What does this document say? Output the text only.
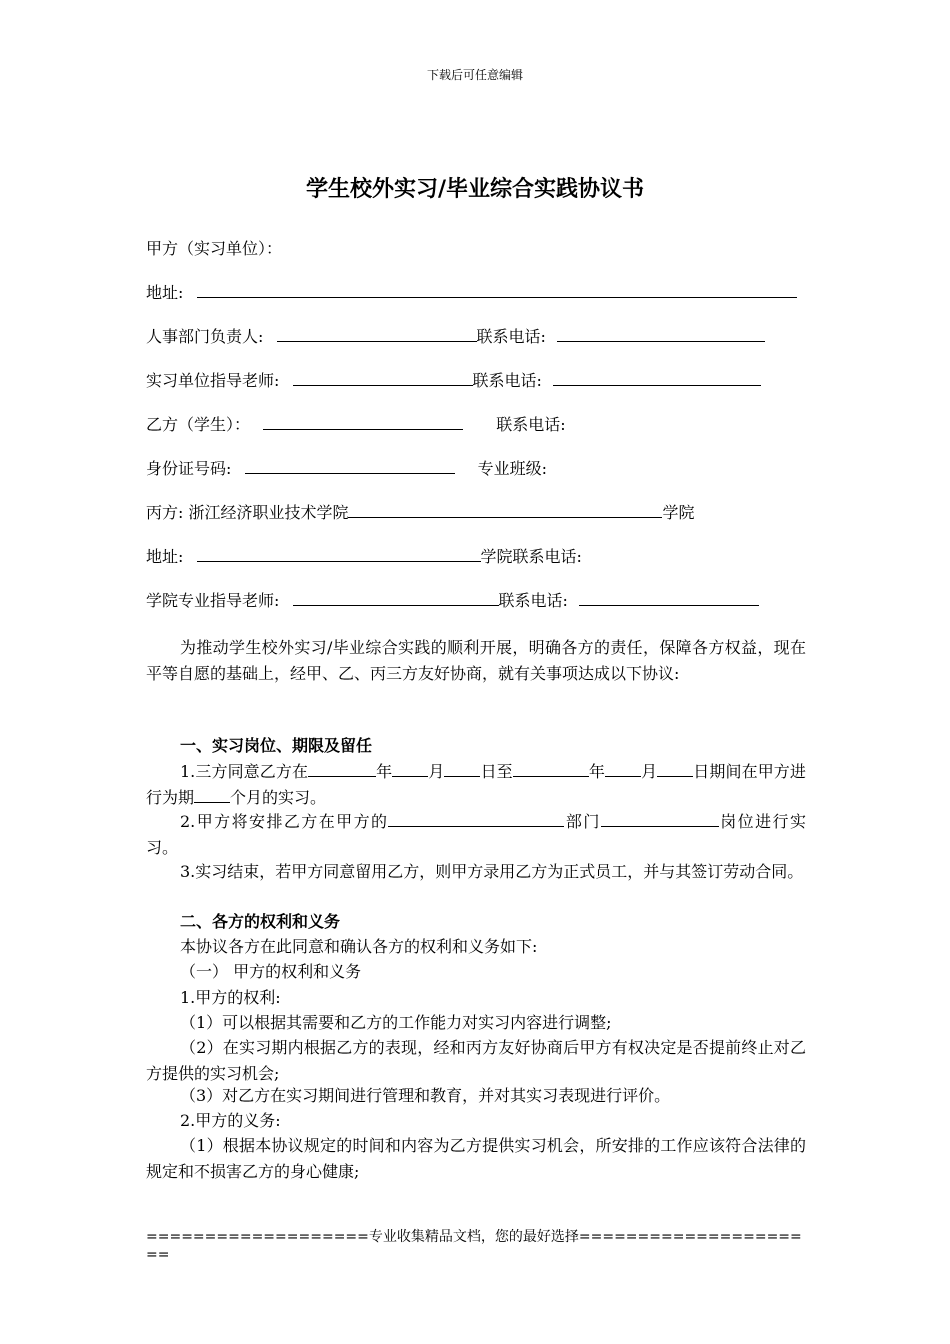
下载后可任意编辑
学生校外实习/毕业综合实践协议书
甲方（实习单位）：
地址:
人事部门负责人:	联系电话:
实习单位指导老师:	联系电话:
乙方（学生）：	联系电话:
身份证号码:	专业班级:
丙方: 浙江经济职业技术学院	学院
地址:	学院联系电话:
学院专业指导老师:	联系电话:
为推动学生校外实习/毕业综合实践的顺利开展，明确各方的责任，保障各方权益，现在平等自愿的基础上，经甲、乙、丙三方友好协商，就有关事项达成以下协议:
一、实习岗位、期限及留任
1.三方同意乙方在	年 月 日至	年 月 日期间在甲方进行为期 个月的实习。
2.甲方将安排乙方在甲方的	部门	岗位进行实习。
3.实习结束，若甲方同意留用乙方，则甲方录用乙方为正式员工，并与其签订劳动合同。
二、各方的权利和义务
本协议各方在此同意和确认各方的权利和义务如下:
（一） 甲方的权利和义务
1.甲方的权利:
（1）可以根据其需要和乙方的工作能力对实习内容进行调整;
（2）在实习期内根据乙方的表现，经和丙方友好协商后甲方有权决定是否提前终止对乙方提供的实习机会;
（3）对乙方在实习期间进行管理和教育，并对其实习表现进行评价。
2.甲方的义务:
（1）根据本协议规定的时间和内容为乙方提供实习机会，所安排的工作应该符合法律的规定和不损害乙方的身心健康;
===================专业收集精品文档，您的最好选择=====================
